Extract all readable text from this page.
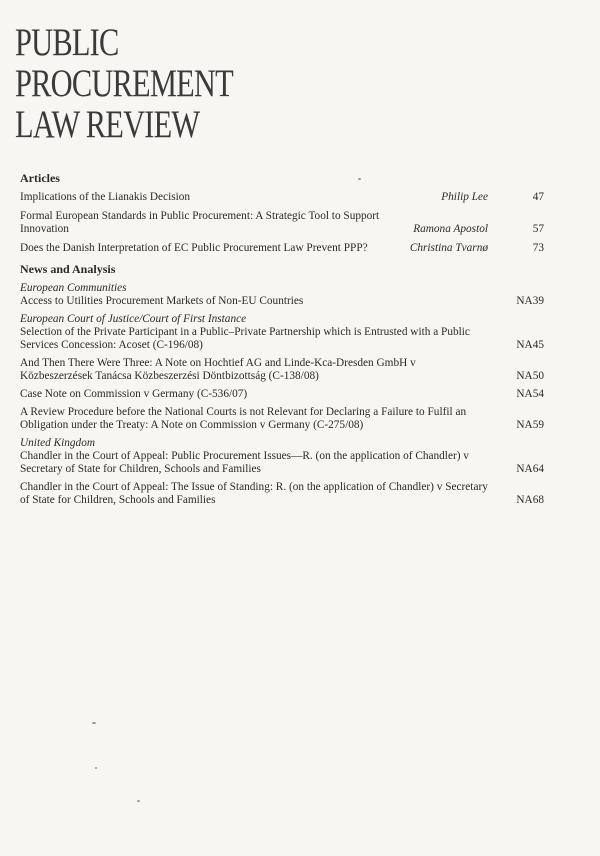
PUBLIC
PROCUREMENT
LAW REVIEW
Articles
Implications of the Lianakis Decision	Philip Lee	47
Formal European Standards in Public Procurement: A Strategic Tool to Support Innovation	Ramona Apostol	57
Does the Danish Interpretation of EC Public Procurement Law Prevent PPP?	Christina Tvarnø	73
News and Analysis
European Communities
Access to Utilities Procurement Markets of Non-EU Countries	NA39
European Court of Justice/Court of First Instance
Selection of the Private Participant in a Public–Private Partnership which is Entrusted with a Public Services Concession: Acoset (C-196/08)	NA45
And Then There Were Three: A Note on Hochtief AG and Linde-Kca-Dresden GmbH v Közbeszerzések Tanácsa Közbeszerzési Döntbizottság (C-138/08)	NA50
Case Note on Commission v Germany (C-536/07)	NA54
A Review Procedure before the National Courts is not Relevant for Declaring a Failure to Fulfil an Obligation under the Treaty: A Note on Commission v Germany (C-275/08)	NA59
United Kingdom
Chandler in the Court of Appeal: Public Procurement Issues—R. (on the application of Chandler) v Secretary of State for Children, Schools and Families	NA64
Chandler in the Court of Appeal: The Issue of Standing: R. (on the application of Chandler) v Secretary of State for Children, Schools and Families	NA68
